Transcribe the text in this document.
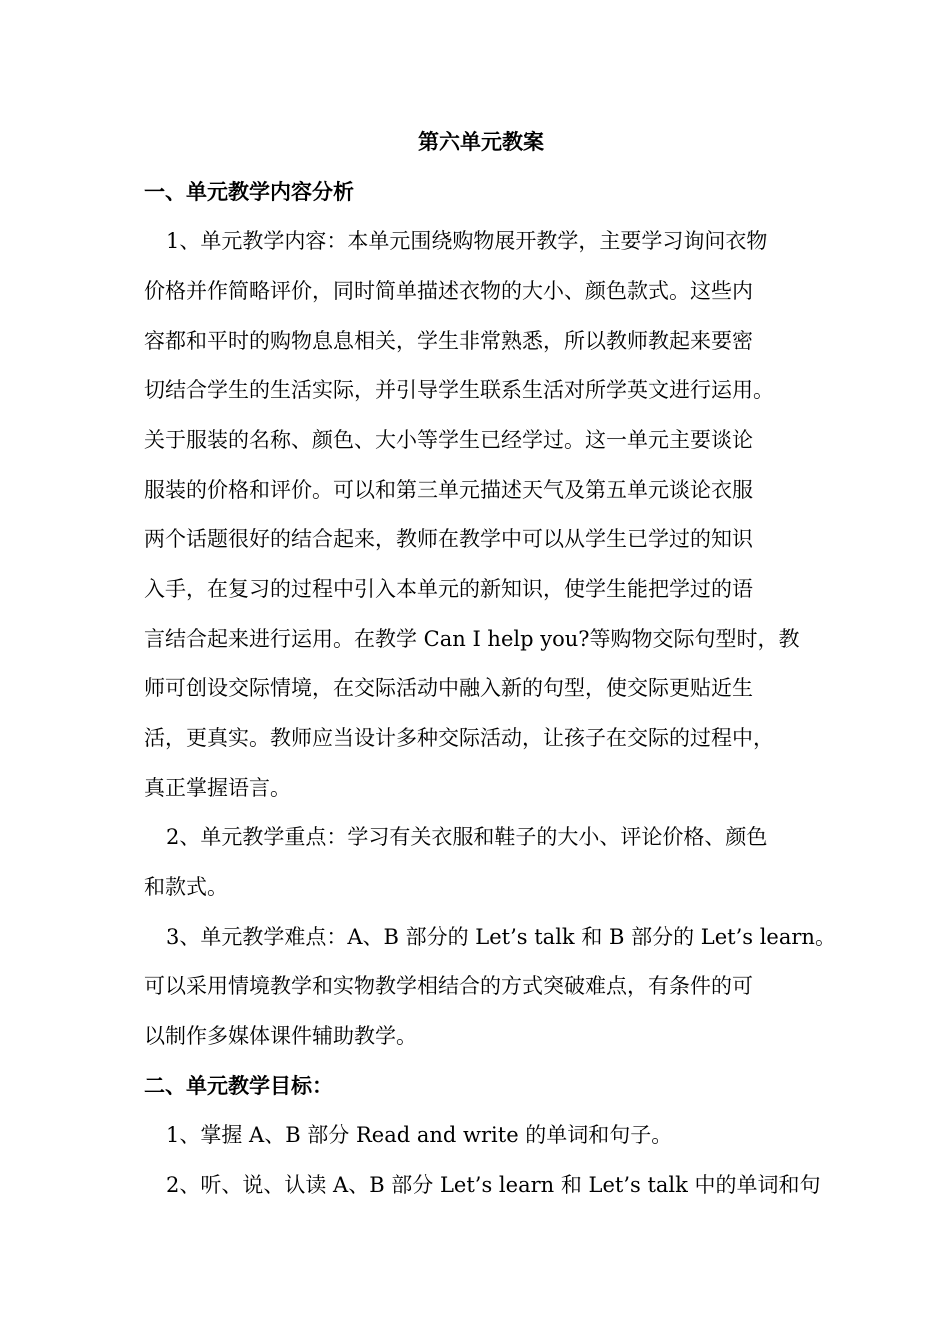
第六单元教案
一、单元教学内容分析
1、单元教学内容：本单元围绕购物展开教学，主要学习询问衣物
价格并作简略评价，同时简单描述衣物的大小、颜色款式。这些内
容都和平时的购物息息相关，学生非常熟悉，所以教师教起来要密
切结合学生的生活实际，并引导学生联系生活对所学英文进行运用。
关于服装的名称、颜色、大小等学生已经学过。这一单元主要谈论
服装的价格和评价。可以和第三单元描述天气及第五单元谈论衣服
两个话题很好的结合起来，教师在教学中可以从学生已学过的知识
入手，在复习的过程中引入本单元的新知识，使学生能把学过的语
言结合起来进行运用。在教学 Can I help you?等购物交际句型时，教
师可创设交际情境，在交际活动中融入新的句型，使交际更贴近生
活，更真实。教师应当设计多种交际活动，让孩子在交际的过程中，
真正掌握语言。
2、单元教学重点：学习有关衣服和鞋子的大小、评论价格、颜色
和款式。
3、单元教学难点：A、B 部分的 Let’s talk 和 B 部分的 Let’s learn。
可以采用情境教学和实物教学相结合的方式突破难点，有条件的可
以制作多媒体课件辅助教学。
二、单元教学目标：
1、掌握 A、B 部分 Read and write 的单词和句子。
2、听、说、认读 A、B 部分 Let’s learn 和 Let’s talk 中的单词和句
